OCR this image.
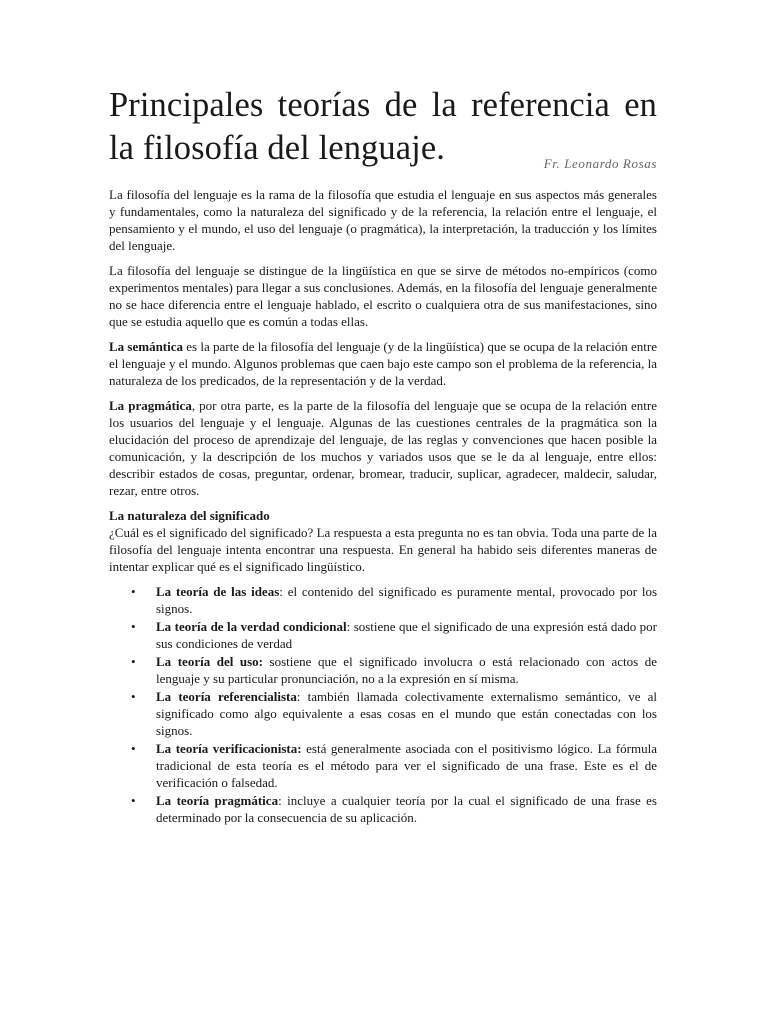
Principales teorías de la referencia en la filosofía del lenguaje.	Fr. Leonardo Rosas

La filosofía del lenguaje es la rama de la filosofía que estudia el lenguaje en sus aspectos más generales y fundamentales, como la naturaleza del significado y de la referencia, la relación entre el lenguaje, el pensamiento y el mundo, el uso del lenguaje (o pragmática), la interpretación, la traducción y los límites del lenguaje.

La filosofía del lenguaje se distingue de la lingüística en que se sirve de métodos no-empíricos (como experimentos mentales) para llegar a sus conclusiones. Además, en la filosofía del lenguaje generalmente no se hace diferencia entre el lenguaje hablado, el escrito o cualquiera otra de sus manifestaciones, sino que se estudia aquello que es común a todas ellas.

La semántica es la parte de la filosofía del lenguaje (y de la lingüística) que se ocupa de la relación entre el lenguaje y el mundo. Algunos problemas que caen bajo este campo son el problema de la referencia, la naturaleza de los predicados, de la representación y de la verdad.

La pragmática, por otra parte, es la parte de la filosofía del lenguaje que se ocupa de la relación entre los usuarios del lenguaje y el lenguaje. Algunas de las cuestiones centrales de la pragmática son la elucidación del proceso de aprendizaje del lenguaje, de las reglas y convenciones que hacen posible la comunicación, y la descripción de los muchos y variados usos que se le da al lenguaje, entre ellos: describir estados de cosas, preguntar, ordenar, bromear, traducir, suplicar, agradecer, maldecir, saludar, rezar, entre otros.

La naturaleza del significado

¿Cuál es el significado del significado? La respuesta a esta pregunta no es tan obvia. Toda una parte de la filosofía del lenguaje intenta encontrar una respuesta. En general ha habido seis diferentes maneras de intentar explicar qué es el significado lingüístico.

• La teoría de las ideas: el contenido del significado es puramente mental, provocado por los signos.
• La teoría de la verdad condicional: sostiene que el significado de una expresión está dado por sus condiciones de verdad
• La teoría del uso: sostiene que el significado involucra o está relacionado con actos de lenguaje y su particular pronunciación, no a la expresión en sí misma.
• La teoría referencialista: también llamada colectivamente externalismo semántico, ve al significado como algo equivalente a esas cosas en el mundo que están conectadas con los signos.
• La teoría verificacionista: está generalmente asociada con el positivismo lógico. La fórmula tradicional de esta teoría es el método para ver el significado de una frase. Este es el de verificación o falsedad.
• La teoría pragmática: incluye a cualquier teoría por la cual el significado de una frase es determinado por la consecuencia de su aplicación.
